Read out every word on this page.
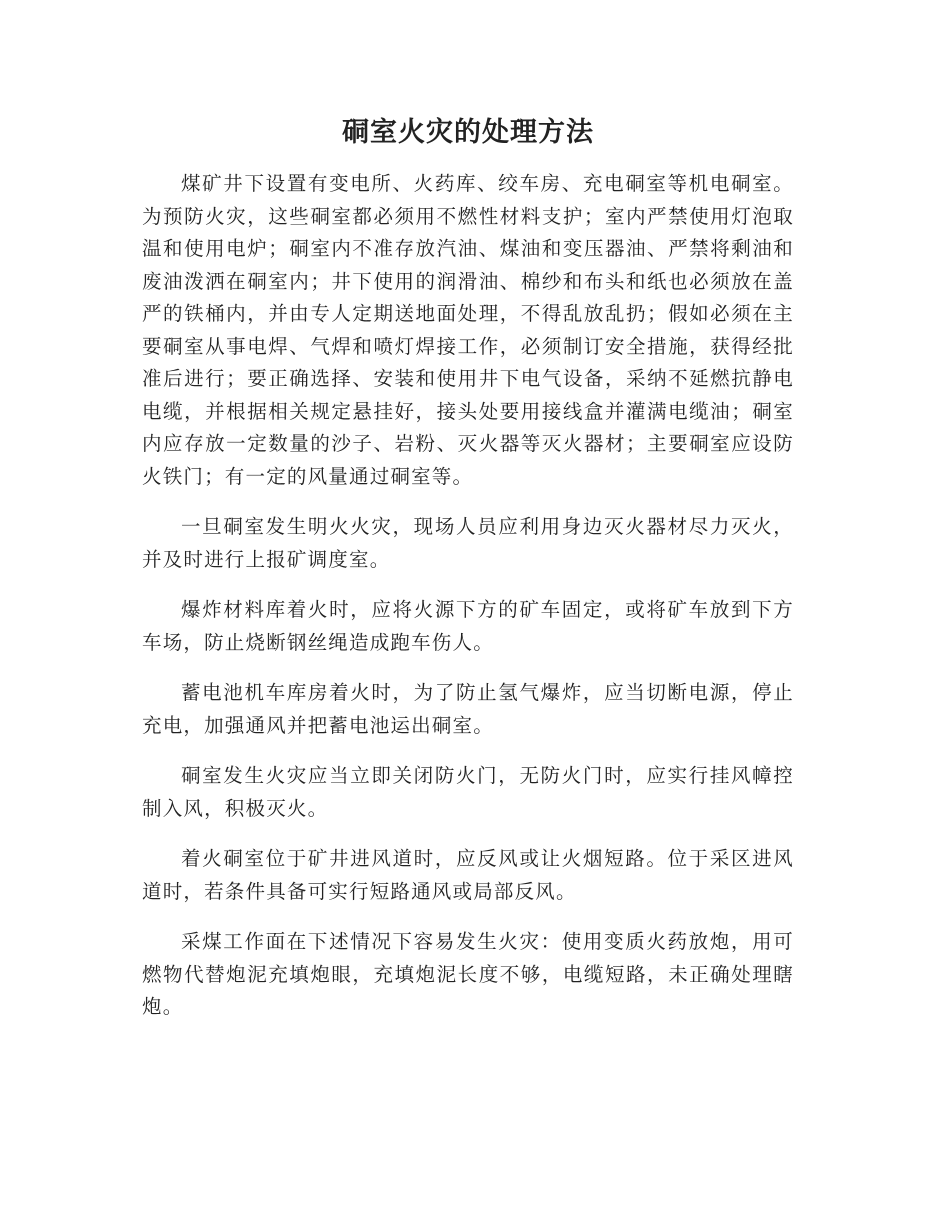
硐室火灾的处理方法

煤矿井下设置有变电所、火药库、绞车房、充电硐室等机电硐室。为预防火灾，这些硐室都必须用不燃性材料支护；室内严禁使用灯泡取温和使用电炉；硐室内不准存放汽油、煤油和变压器油、严禁将剩油和废油泼洒在硐室内；井下使用的润滑油、棉纱和布头和纸也必须放在盖严的铁桶内，并由专人定期送地面处理，不得乱放乱扔；假如必须在主要硐室从事电焊、气焊和喷灯焊接工作，必须制订安全措施，获得经批准后进行；要正确选择、安装和使用井下电气设备，采纳不延燃抗静电电缆，并根据相关规定悬挂好，接头处要用接线盒并灌满电缆油；硐室内应存放一定数量的沙子、岩粉、灭火器等灭火器材；主要硐室应设防火铁门；有一定的风量通过硐室等。

一旦硐室发生明火火灾，现场人员应利用身边灭火器材尽力灭火，并及时进行上报矿调度室。

爆炸材料库着火时，应将火源下方的矿车固定，或将矿车放到下方车场，防止烧断钢丝绳造成跑车伤人。

蓄电池机车库房着火时，为了防止氢气爆炸，应当切断电源，停止充电，加强通风并把蓄电池运出硐室。

硐室发生火灾应当立即关闭防火门，无防火门时，应实行挂风幛控制入风，积极灭火。

着火硐室位于矿井进风道时，应反风或让火烟短路。位于采区进风道时，若条件具备可实行短路通风或局部反风。

采煤工作面在下述情况下容易发生火灾：使用变质火药放炮，用可燃物代替炮泥充填炮眼，充填炮泥长度不够，电缆短路，未正确处理瞎炮。
